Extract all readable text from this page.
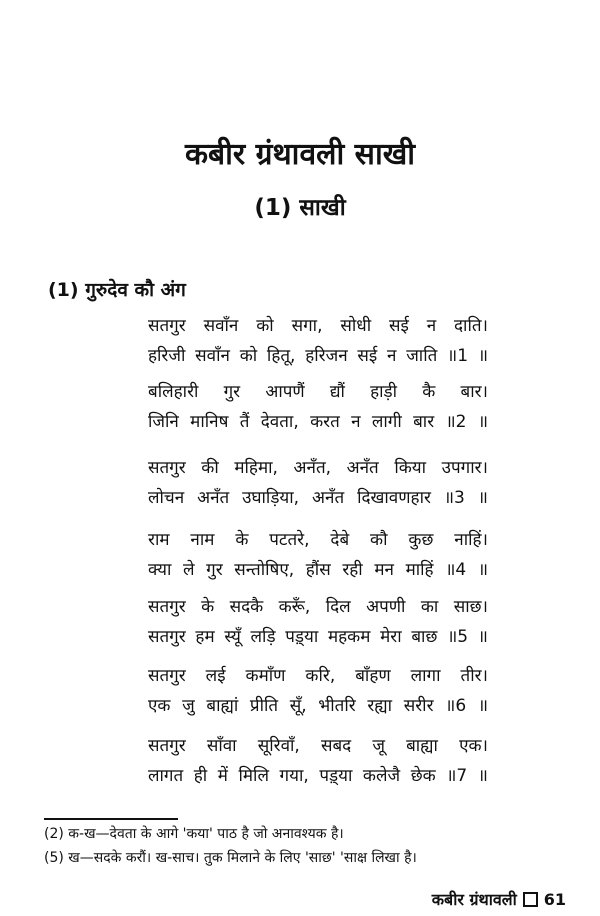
कबीर ग्रंथावली साखी
(1) साखी
(1) गुरुदेव कौ अंग
सतगुर सवाँन को सगा, सोधी सई न दाति।
हरिजी सवाँन को हितू, हरिजन सई न जाति ॥1 ॥
बलिहारी गुर आपणैं द्यौं हाड़ी कै बार।
जिनि मानिष तैं देवता, करत न लागी बार ॥2 ॥
सतगुर की महिमा, अनँत, अनँत किया उपगार।
लोचन अनँत उघाड़िया, अनँत दिखावणहार ॥3 ॥
राम नाम के पटतरे, देबे कौ कुछ नाहिं।
क्या ले गुर सन्तोषिए, हौंस रही मन माहिं ॥4 ॥
सतगुर के सदकै करूँ, दिल अपणी का साछ।
सतगुर हम स्यूँ लड़ि पड़्या महकम मेरा बाछ ॥5 ॥
सतगुर लई कमाँण करि, बाँहण लागा तीर।
एक जु बाह्यां प्रीति सूँ, भीतरि रह्या सरीर ॥6 ॥
सतगुर साँवा सूरिवाँ, सबद जू बाह्या एक।
लागत ही में मिलि गया, पड़्या कलेजै छेक ॥7 ॥
(2) क-ख—देवता के आगे 'कया' पाठ है जो अनावश्यक है।
(5) ख—सदके करौं। ख-साच। तुक मिलाने के लिए 'साछ' 'साक्ष लिखा है।
कबीर ग्रंथावली 61
